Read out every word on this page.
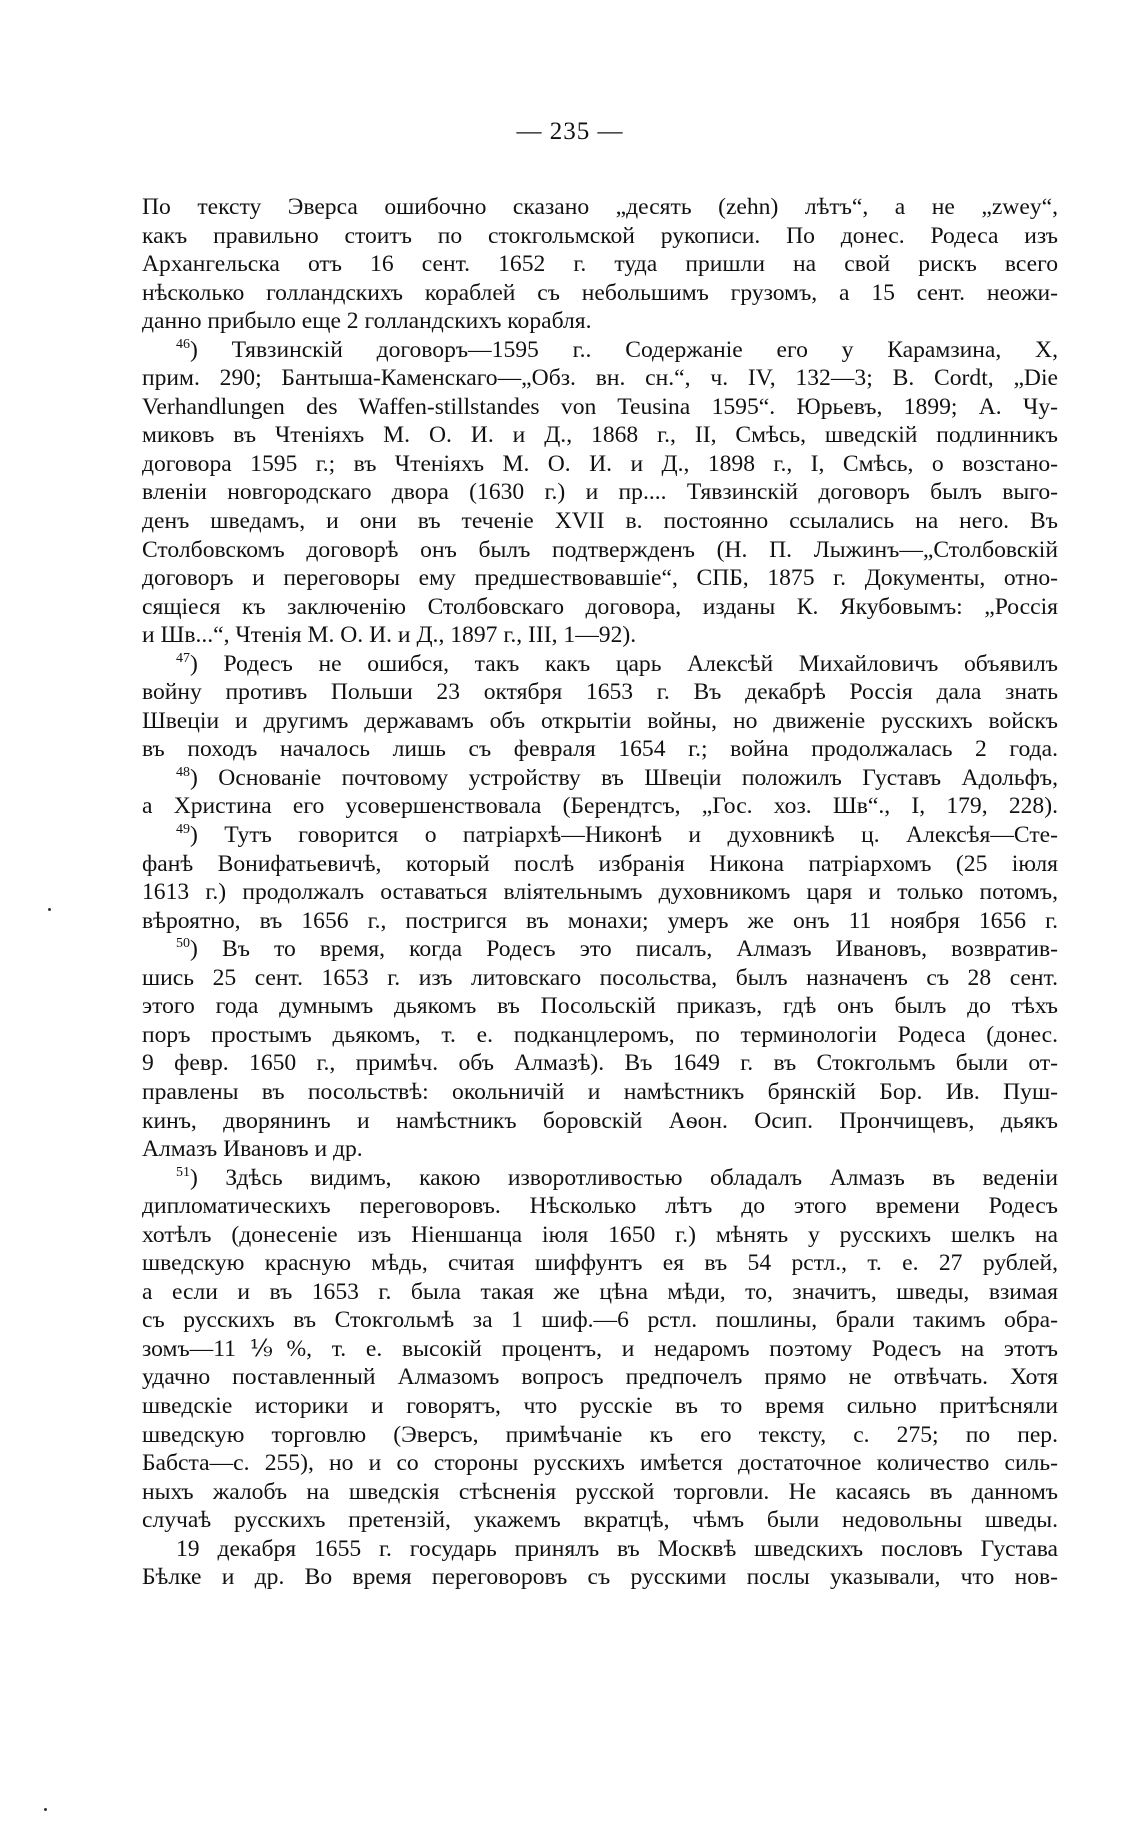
— 235 —
По тексту Эверса ошибочно сказано „десять (zehn) лѣтъ“, а не „zwey“,
какъ правильно стоитъ по стокгольмской рукописи. По донес. Родеса изъ
Архангельска отъ 16 сент. 1652 г. туда пришли на свой рискъ всего
нѣсколько голландскихъ кораблей съ небольшимъ грузомъ, а 15 сент. неожи-
данно прибыло еще 2 голландскихъ корабля.
$^{46}$) Тявзинскій договоръ—1595 г.. Содержаніе его у Карамзина, X,
прим. 290; Бантыша-Каменскаго—„Обз. вн. сн.“, ч. IV, 132—3; B. Cordt, „Die
Verhandlungen des Waffen-stillstandes von Teusina 1595“. Юрьевъ, 1899; А. Чу-
миковъ въ Чтеніяхъ М. О. И. и Д., 1868 г., II, Смѣсь, шведскій подлинникъ
договора 1595 г.; въ Чтеніяхъ М. О. И. и Д., 1898 г., I, Смѣсь, о возстано-
вленіи новгородскаго двора (1630 г.) и пр.... Тявзинскій договоръ былъ выго-
денъ шведамъ, и они въ теченіе XVII в. постоянно ссылались на него. Въ
Столбовскомъ договорѣ онъ былъ подтвержденъ (Н. П. Лыжинъ—„Столбовскій
договоръ и переговоры ему предшествовавшіе“, СПБ, 1875 г. Документы, отно-
сящіеся къ заключенію Столбовскаго договора, изданы К. Якубовымъ: „Россія
и Шв...“, Чтенія М. О. И. и Д., 1897 г., III, 1—92).
$^{47}$) Родесъ не ошибся, такъ какъ царь Алексѣй Михайловичъ объявилъ
войну противъ Польши 23 октября 1653 г. Въ декабрѣ Россія дала знать
Швеціи и другимъ державамъ объ открытіи войны, но движеніе русскихъ войскъ
въ походъ началось лишь съ февраля 1654 г.; война продолжалась 2 года.
$^{48}$) Основаніе почтовому устройству въ Швеціи положилъ Густавъ Адольфъ,
а Христина его усовершенствовала (Берендтсъ, „Гос. хоз. Шв“., I, 179, 228).
$^{49}$) Тутъ говорится о патріархѣ—Никонѣ и духовникѣ ц. Алексѣя—Сте-
фанѣ Вонифатьевичѣ, который послѣ избранія Никона патріархомъ (25 іюля
1613 г.) продолжалъ оставаться вліятельнымъ духовникомъ царя и только потомъ,
вѣроятно, въ 1656 г., постригся въ монахи; умеръ же онъ 11 ноября 1656 г.
$^{50}$) Въ то время, когда Родесъ это писалъ, Алмазъ Ивановъ, возвратив-
шись 25 сент. 1653 г. изъ литовскаго посольства, былъ назначенъ съ 28 сент.
этого года думнымъ дьякомъ въ Посольскій приказъ, гдѣ онъ былъ до тѣхъ
поръ простымъ дьякомъ, т. е. подканцлеромъ, по терминологіи Родеса (донес.
9 февр. 1650 г., примѣч. объ Алмазѣ). Въ 1649 г. въ Стокгольмъ были от-
правлены въ посольствѣ: окольничій и намѣстникъ брянскій Бор. Ив. Пуш-
кинъ, дворянинъ и намѣстникъ боровскій Аѳон. Осип. Прончищевъ, дьякъ
Алмазъ Ивановъ и др.
$^{51}$) Здѣсь видимъ, какою изворотливостью обладалъ Алмазъ въ веденіи
дипломатическихъ переговоровъ. Нѣсколько лѣтъ до этого времени Родесъ
хотѣлъ (донесеніе изъ Ніеншанца іюля 1650 г.) мѣнять у русскихъ шелкъ на
шведскую красную мѣдь, считая шиффунтъ ея въ 54 рстл., т. е. 27 рублей,
а если и въ 1653 г. была такая же цѣна мѣди, то, значитъ, шведы, взимая
съ русскихъ въ Стокгольмѣ за 1 шиф.—6 рстл. пошлины, брали такимъ обра-
зомъ—11⅑%, т. е. высокій процентъ, и недаромъ поэтому Родесъ на этотъ
удачно поставленный Алмазомъ вопросъ предпочелъ прямо не отвѣчать. Хотя
шведскіе историки и говорятъ, что русскіе въ то время сильно притѣсняли
шведскую торговлю (Эверсъ, примѣчаніе къ его тексту, с. 275; по пер.
Бабста—с. 255), но и со стороны русскихъ имѣется достаточное количество силь-
ныхъ жалобъ на шведскія стѣсненія русской торговли. Не касаясь въ данномъ
случаѣ русскихъ претензій, укажемъ вкратцѣ, чѣмъ были недовольны шведы.
19 декабря 1655 г. государь принялъ въ Москвѣ шведскихъ пословъ Густава
Бѣлке и др. Во время переговоровъ съ русскими послы указывали, что нов-
